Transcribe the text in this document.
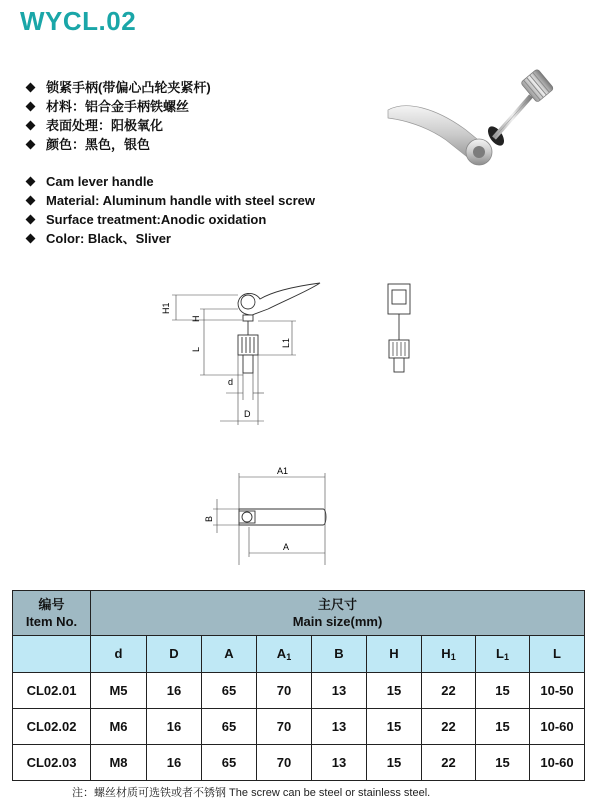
WYCL.02
锁紧手柄(带偏心凸轮夹紧杆)
材料：铝合金手柄铁螺丝
表面处理：阳极氧化
颜色：黑色，银色
Cam lever handle
Material: Aluminum handle with steel screw
Surface treatment:Anodic oxidation
Color: Black、Sliver
H1
H
L
L1
d
D
A1
A
B
编号
Item No.	主尺寸
Main size(mm)								
	d	D	A	$A_1$	B	H	$H_1$	$L_1$	L
CL02.01	M5	16	65	70	13	15	22	15	10-50
CL02.02	M6	16	65	70	13	15	22	15	10-60
CL02.03	M8	16	65	70	13	15	22	15	10-60
注：螺丝材质可选铁或者不锈钢 The screw can be steel or stainless steel.
